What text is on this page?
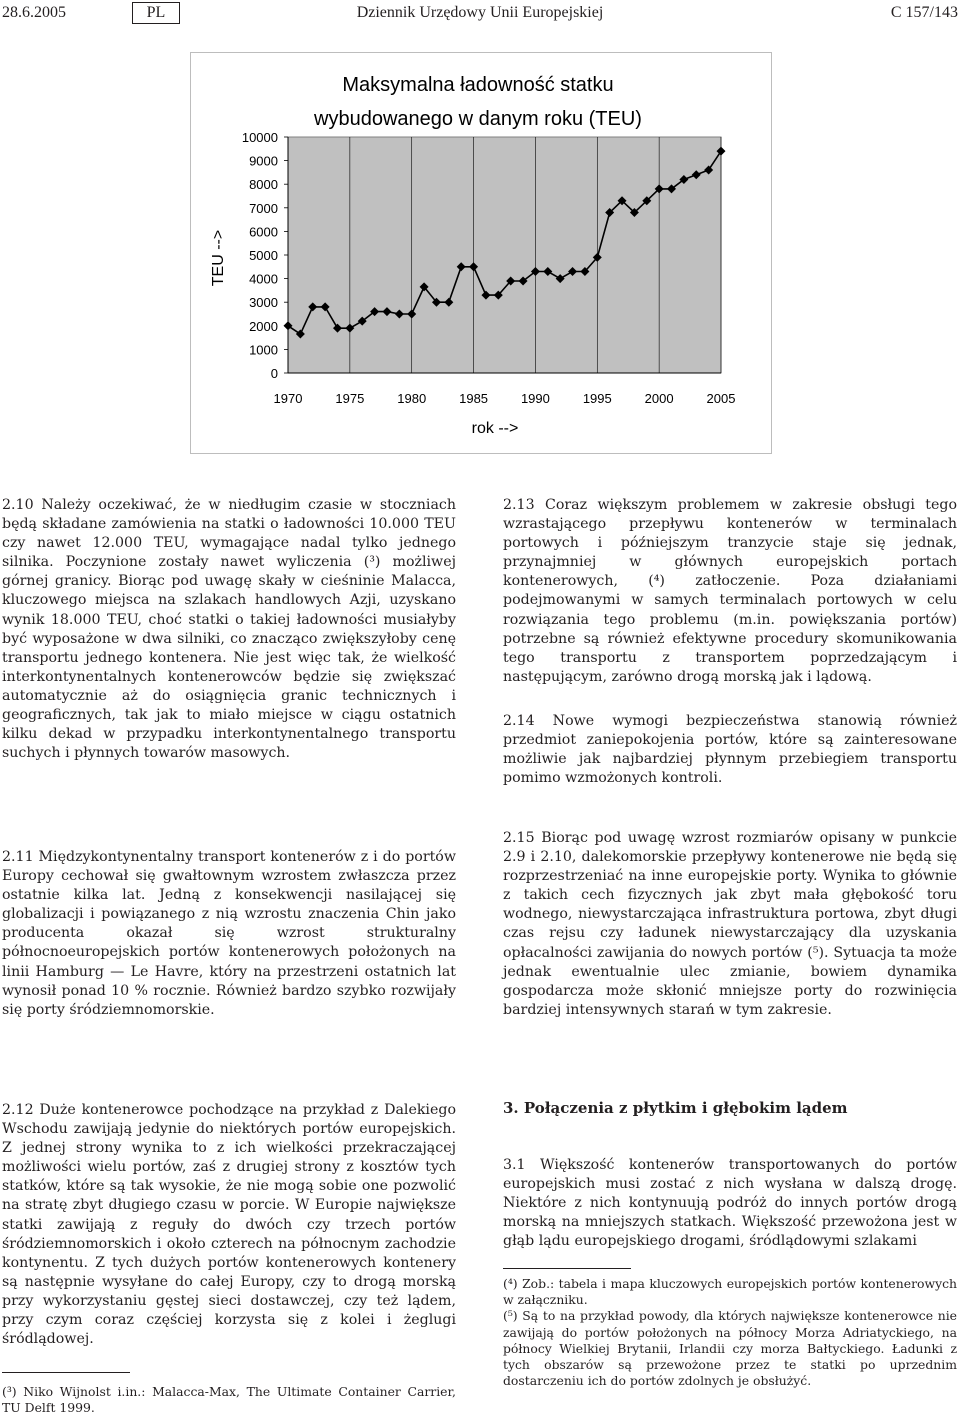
28.6.2005	PL	Dziennik Urzędowy Unii Europejskiej	C 157/143
Maksymalna ładowność statku
wybudowanego w danym roku (TEU)
rok -->
TEU -->
1970	1975	1980	1985	1990	1995	2000	2005
0
1000
2000
3000
4000
5000
6000
7000
8000
9000
10000

2.10 Należy oczekiwać, że w niedługim czasie w stoczniach będą składane zamówienia na statki o ładowności 10.000 TEU czy nawet 12.000 TEU, wymagające nadal tylko jednego silnika. Poczynione zostały nawet wyliczenia (³) możliwej górnej granicy. Biorąc pod uwagę skały w cieśninie Malacca, kluczowego miejsca na szlakach handlowych Azji, uzyskano wynik 18.000 TEU, choć statki o takiej ładowności musiałyby być wyposażone w dwa silniki, co znacząco zwiększyłoby cenę transportu jednego kontenera. Nie jest więc tak, że wielkość interkontynentalnych kontenerowców będzie się zwiększać automatycznie aż do osiągnięcia granic technicznych i geograficznych, tak jak to miało miejsce w ciągu ostatnich kilku dekad w przypadku interkontynentalnego transportu suchych i płynnych towarów masowych.

2.11 Międzykontynentalny transport kontenerów z i do portów Europy cechował się gwałtownym wzrostem zwłaszcza przez ostatnie kilka lat. Jedną z konsekwencji nasilającej się globalizacji i powiązanego z nią wzrostu znaczenia Chin jako producenta okazał się wzrost strukturalny północnoeuropejskich portów kontenerowych położonych na linii Hamburg — Le Havre, który na przestrzeni ostatnich lat wynosił ponad 10 % rocznie. Również bardzo szybko rozwijały się porty śródziemnomorskie.

2.12 Duże kontenerowce pochodzące na przykład z Dalekiego Wschodu zawijają jedynie do niektórych portów europejskich. Z jednej strony wynika to z ich wielkości przekraczającej możliwości wielu portów, zaś z drugiej strony z kosztów tych statków, które są tak wysokie, że nie mogą sobie one pozwolić na stratę zbyt długiego czasu w porcie. W Europie największe statki zawijają z reguły do dwóch czy trzech portów śródziemnomorskich i około czterech na północnym zachodzie kontynentu. Z tych dużych portów kontenerowych kontenery są następnie wysyłane do całej Europy, czy to drogą morską przy wykorzystaniu gęstej sieci dostawczej, czy też lądem, przy czym coraz częściej korzysta się z kolei i żeglugi śródlądowej.

(³) Niko Wijnolst i.in.: Malacca-Max, The Ultimate Container Carrier, TU Delft 1999.

2.13 Coraz większym problemem w zakresie obsługi tego wzrastającego przepływu kontenerów w terminalach portowych i późniejszym tranzycie staje się jednak, przynajmniej w głównych europejskich portach kontenerowych, (⁴) zatłoczenie. Poza działaniami podejmowanymi w samych terminalach portowych w celu rozwiązania tego problemu (m.in. powiększania portów) potrzebne są również efektywne procedury skomunikowania tego transportu z transportem poprzedzającym i następującym, zarówno drogą morską jak i lądową.

2.14 Nowe wymogi bezpieczeństwa stanowią również przedmiot zaniepokojenia portów, które są zainteresowane możliwie jak najbardziej płynnym przebiegiem transportu pomimo wzmożonych kontroli.

2.15 Biorąc pod uwagę wzrost rozmiarów opisany w punkcie 2.9 i 2.10, dalekomorskie przepływy kontenerowe nie będą się rozprzestrzeniać na inne europejskie porty. Wynika to głównie z takich cech fizycznych jak zbyt mała głębokość toru wodnego, niewystarczająca infrastruktura portowa, zbyt długi czas rejsu czy ładunek niewystarczający dla uzyskania opłacalności zawijania do nowych portów (⁵). Sytuacja ta może jednak ewentualnie ulec zmianie, bowiem dynamika gospodarcza może skłonić mniejsze porty do rozwinięcia bardziej intensywnych starań w tym zakresie.

3. Połączenia z płytkim i głębokim lądem

3.1 Większość kontenerów transportowanych do portów europejskich musi zostać z nich wysłana w dalszą drogę. Niektóre z nich kontynuują podróż do innych portów drogą morską na mniejszych statkach. Większość przewożona jest w głąb lądu europejskiego drogami, śródlądowymi szlakami

(⁴) Zob.: tabela i mapa kluczowych europejskich portów kontenerowych w załączniku.

(⁵) Są to na przykład powody, dla których największe kontenerowce nie zawijają do portów położonych na północy Morza Adriatyckiego, na północy Wielkiej Brytanii, Irlandii czy morza Bałtyckiego. Ładunki z tych obszarów są przewożone przez te statki po uprzednim dostarczeniu ich do portów zdolnych je obsłużyć.
